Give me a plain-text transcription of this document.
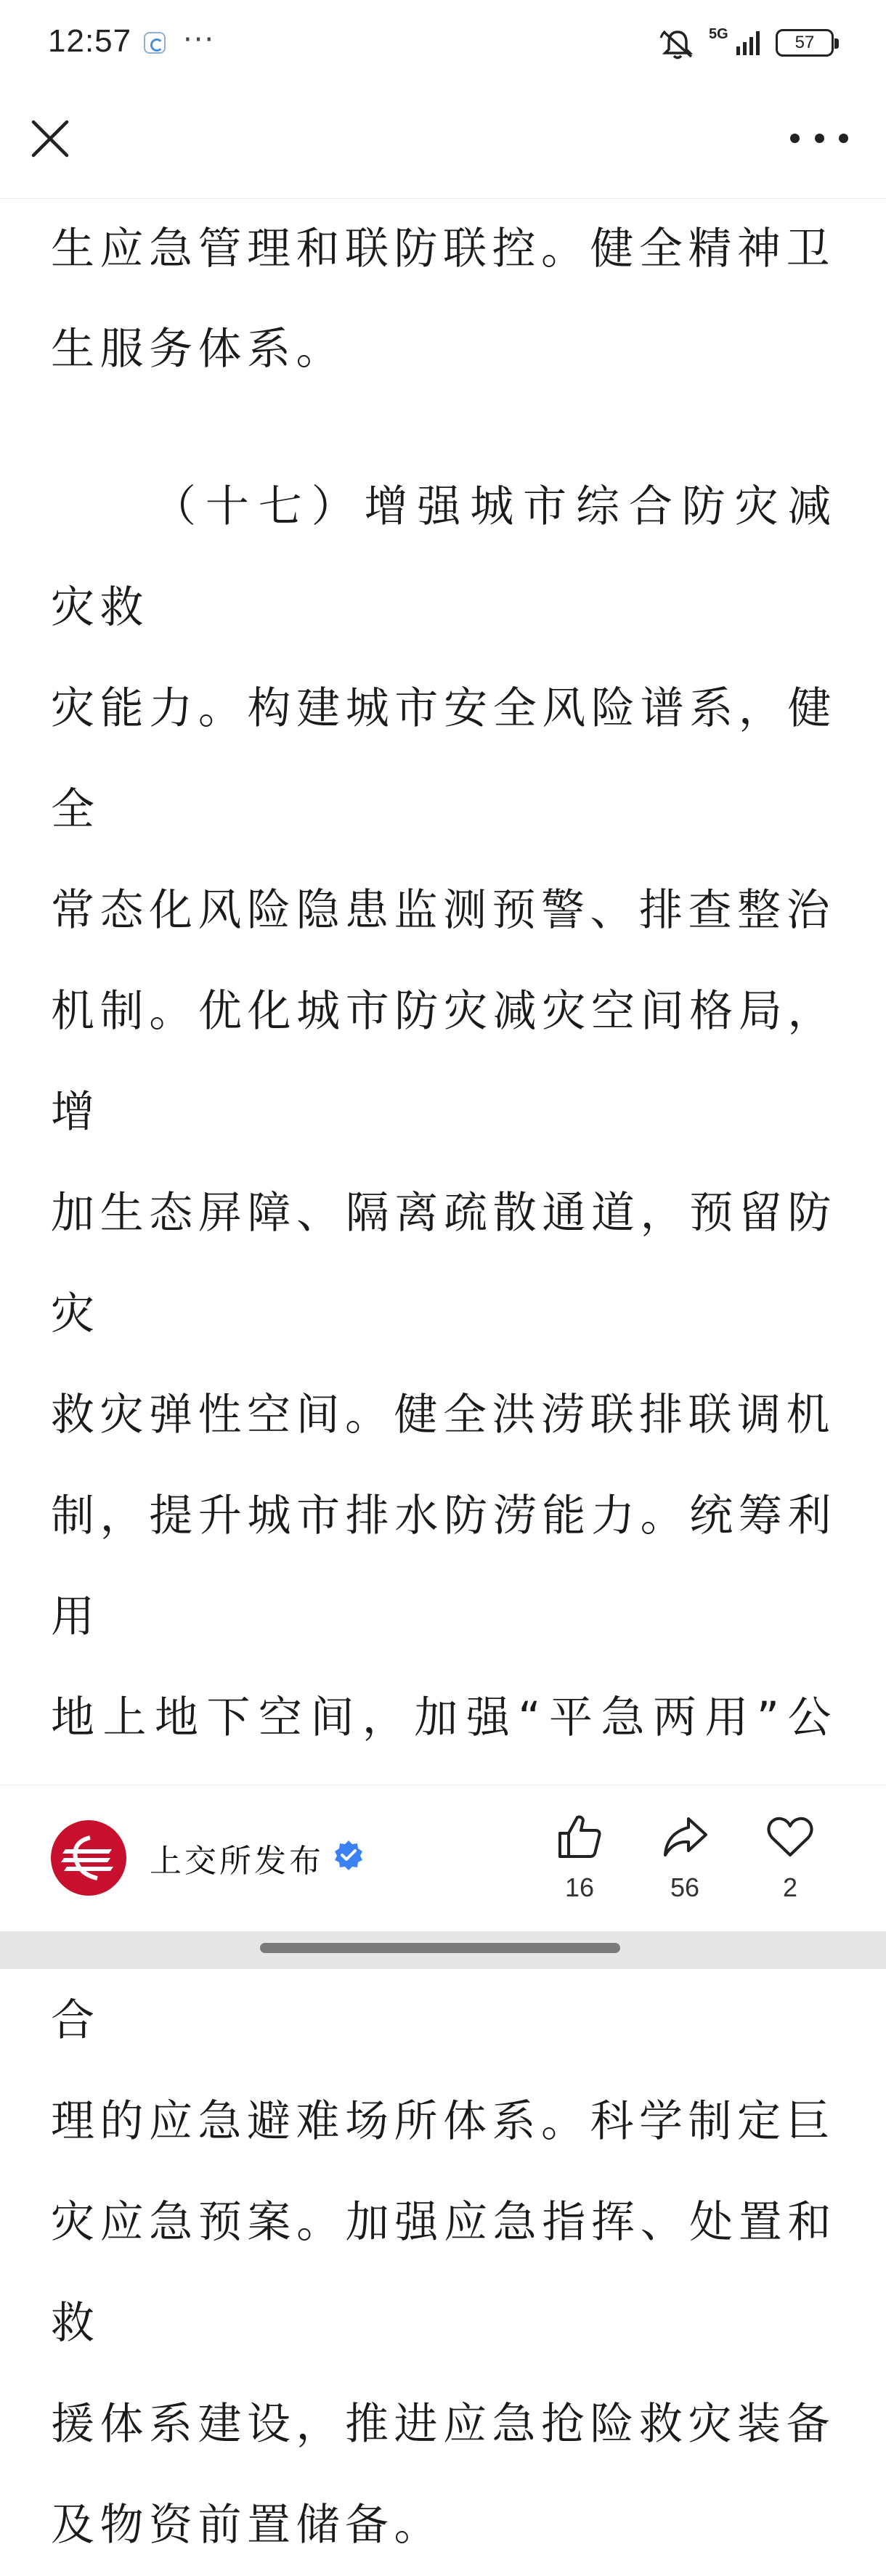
12:57 ···	5G	57

生应急管理和联防联控。健全精神卫
生服务体系。

（十七）增强城市综合防灾减灾救
灾能力。构建城市安全风险谱系，健全
常态化风险隐患监测预警、排查整治
机制。优化城市防灾减灾空间格局，增
加生态屏障、隔离疏散通道，预留防灾
救灾弹性空间。健全洪涝联排联调机
制，提升城市排水防涝能力。统筹利用
地上地下空间，加强“平急两用”公
合
理的应急避难场所体系。科学制定巨
灾应急预案。加强应急指挥、处置和救
援体系建设，推进应急抢险救灾装备
及物资前置储备。

上交所发布
16	56	2
